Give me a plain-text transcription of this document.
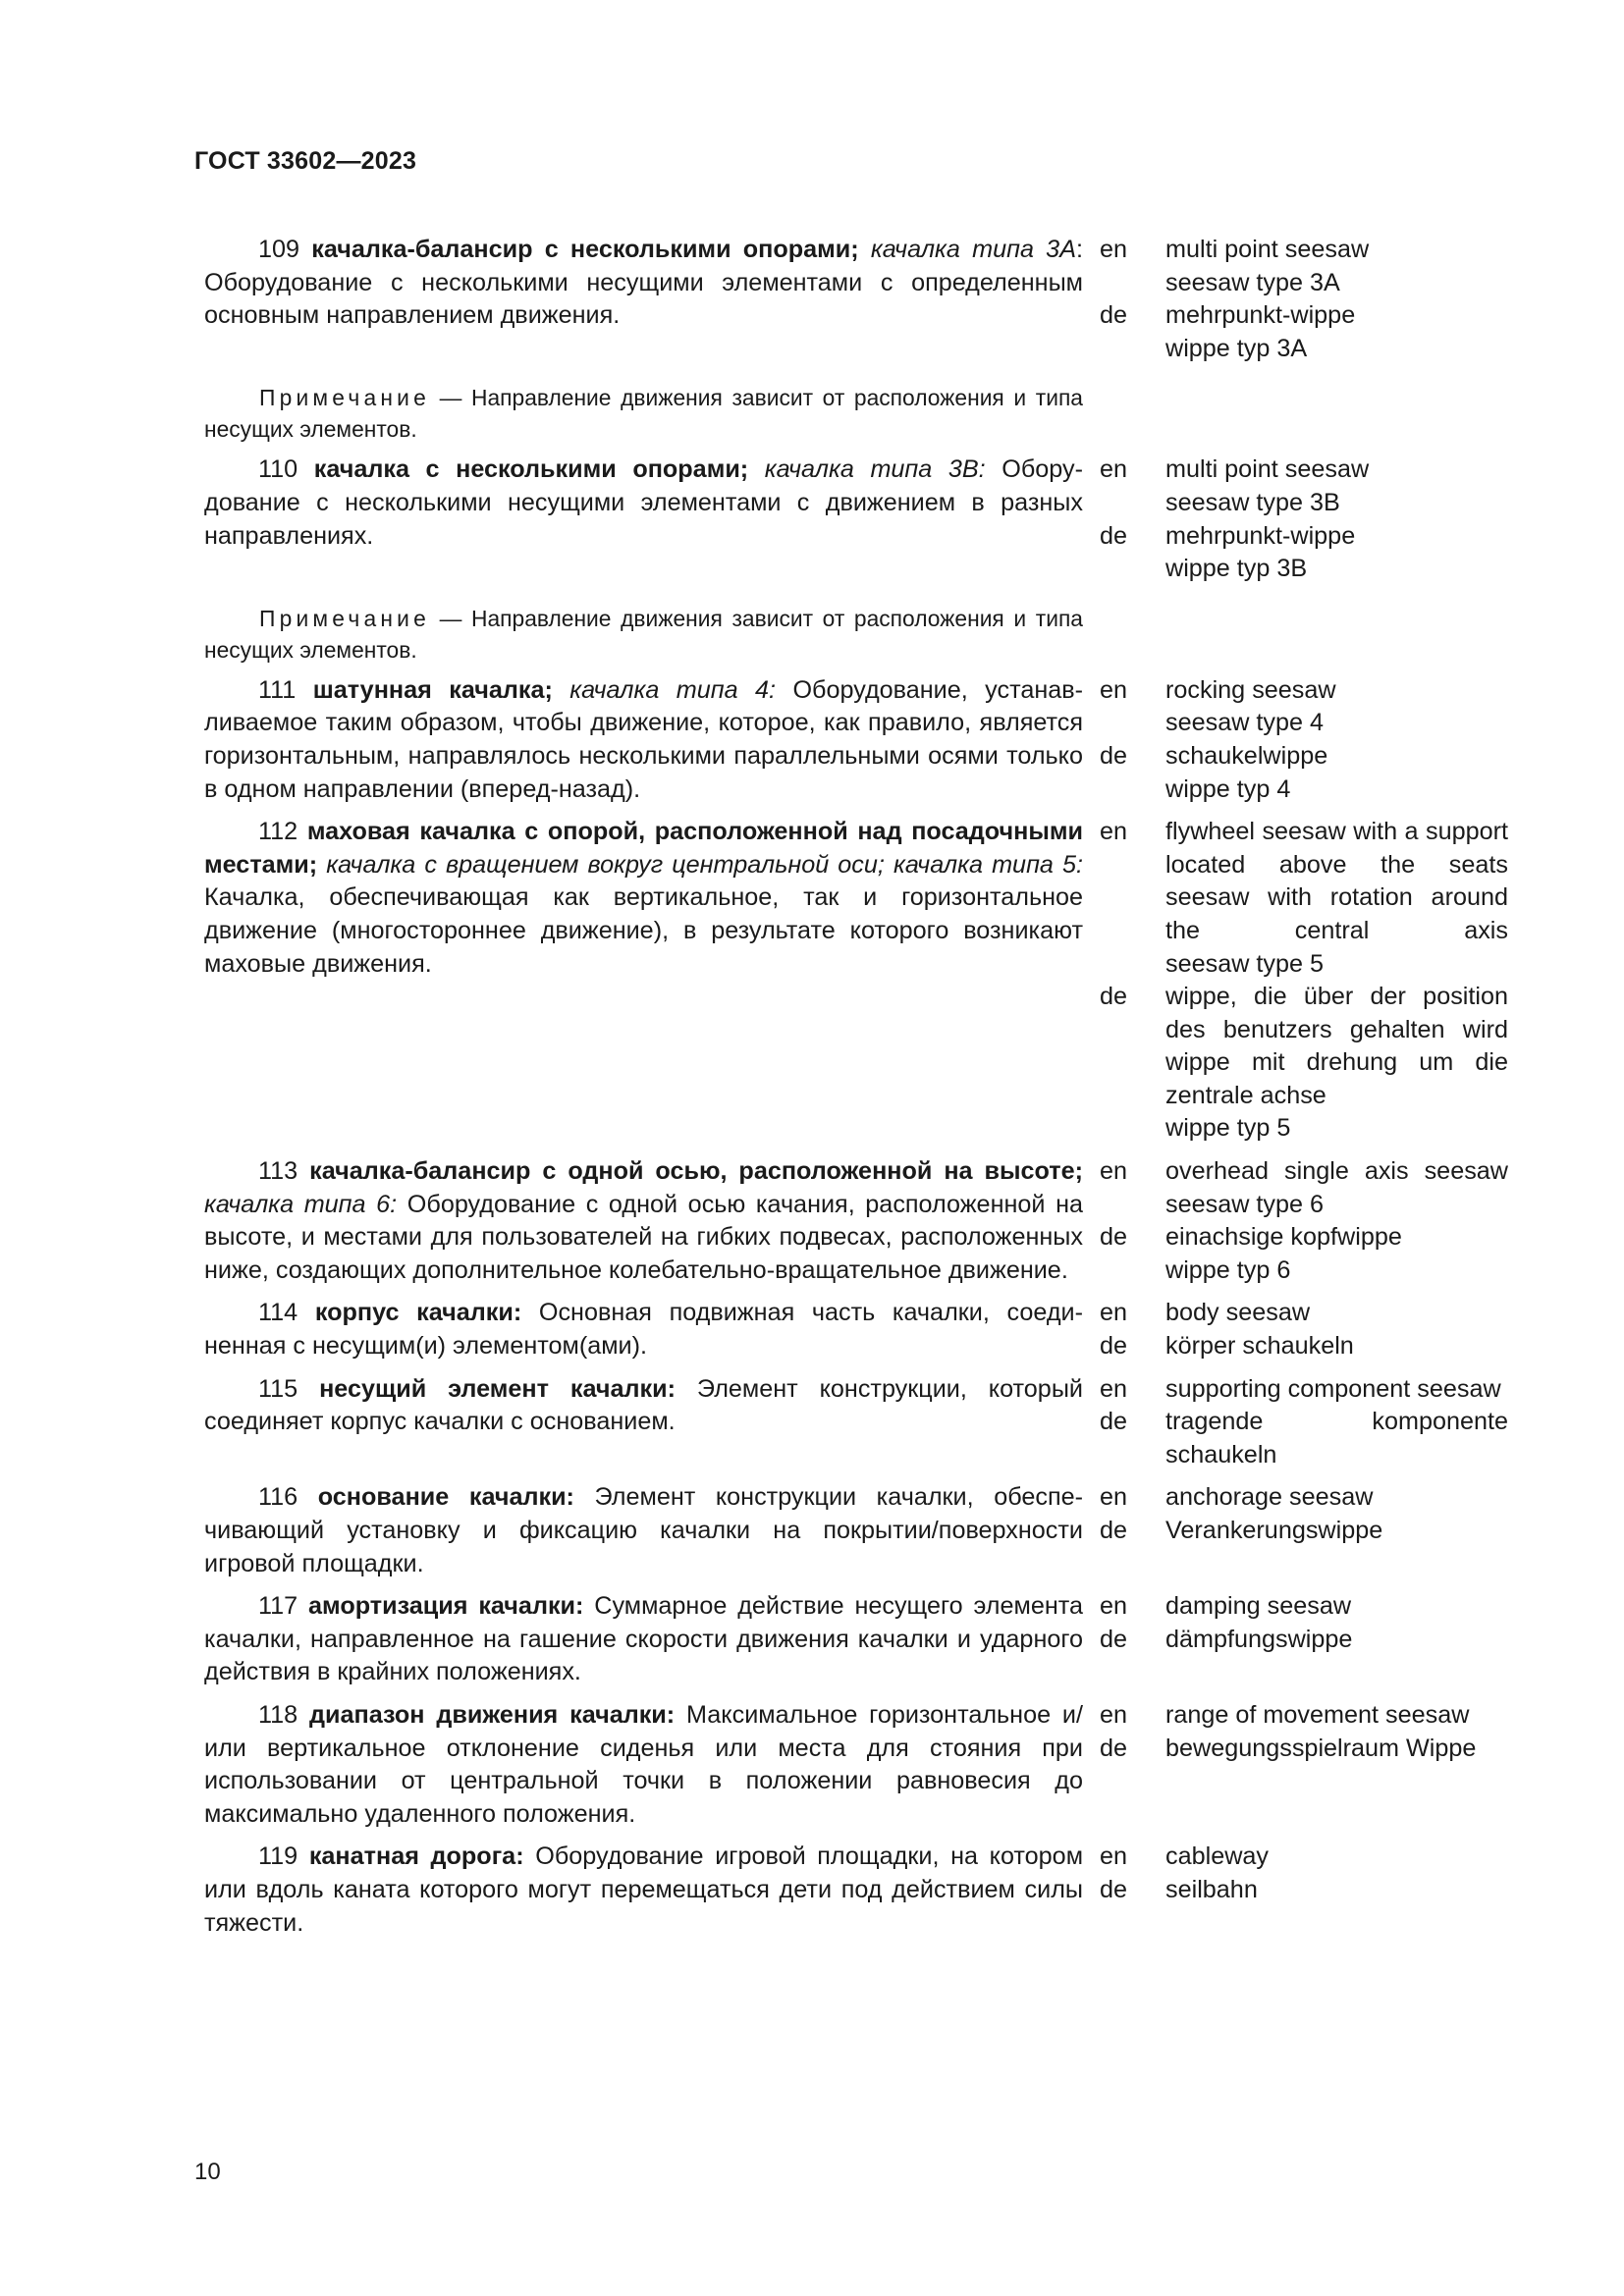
ГОСТ 33602—2023
109 качалка-балансир с несколькими опорами; качалка типа 3А: Оборудование с несколькими несущими элементами с определенным основным направлением движения.
en	multi point seesaw
seesaw type 3A
de	mehrpunkt-wippe
wippe typ 3A
Примечание — Направление движения зависит от расположения и типа несущих элементов.
110 качалка с несколькими опорами; качалка типа 3В: Оборудование с несколькими несущими элементами с движением в разных направлениях.
en	multi point seesaw
seesaw type 3B
de	mehrpunkt-wippe
wippe typ 3B
Примечание — Направление движения зависит от расположения и типа несущих элементов.
111 шатунная качалка; качалка типа 4: Оборудование, устанавливаемое таким образом, чтобы движение, которое, как правило, является горизонтальным, направлялось несколькими параллельными осями только в одном направлении (вперед-назад).
en	rocking seesaw
seesaw type 4
de	schaukelwippe
wippe typ 4
112 маховая качалка с опорой, расположенной над посадочными местами; качалка с вращением вокруг центральной оси; качалка типа 5: Качалка, обеспечивающая как вертикальное, так и горизонтальное движение (многостороннее движение), в результате которого возникают маховые движения.
en	flywheel seesaw with a support located above the seats
seesaw with rotation around the central axis
seesaw type 5
de	wippe, die über der position des benutzers gehalten wird wippe mit drehung um die zentrale achse
wippe typ 5
113 качалка-балансир с одной осью, расположенной на высоте; качалка типа 6: Оборудование с одной осью качания, расположенной на высоте, и местами для пользователей на гибких подвесах, расположенных ниже, создающих дополнительное колебательно-вращательное движение.
en	overhead single axis seesaw
seesaw type 6
de	einachsige kopfwippe
wippe typ 6
114 корпус качалки: Основная подвижная часть качалки, соединенная с несущим(и) элементом(ами).
en	body seesaw
de	körper schaukeln
115 несущий элемент качалки: Элемент конструкции, который соединяет корпус качалки с основанием.
en	supporting component seesaw
de	tragende komponente schaukeln
116 основание качалки: Элемент конструкции качалки, обеспечивающий установку и фиксацию качалки на покрытии/поверхности игровой площадки.
en	anchorage seesaw
de	Verankerungswippe
117 амортизация качалки: Суммарное действие несущего элемента качалки, направленное на гашение скорости движения качалки и ударного действия в крайних положениях.
en	damping seesaw
de	dämpfungswippe
118 диапазон движения качалки: Максимальное горизонтальное и/или вертикальное отклонение сиденья или места для стояния при использовании от центральной точки в положении равновесия до максимально удаленного положения.
en	range of movement seesaw
de	bewegungsspielraum Wippe
119 канатная дорога: Оборудование игровой площадки, на котором или вдоль каната которого могут перемещаться дети под действием силы тяжести.
en	cableway
de	seilbahn

10
